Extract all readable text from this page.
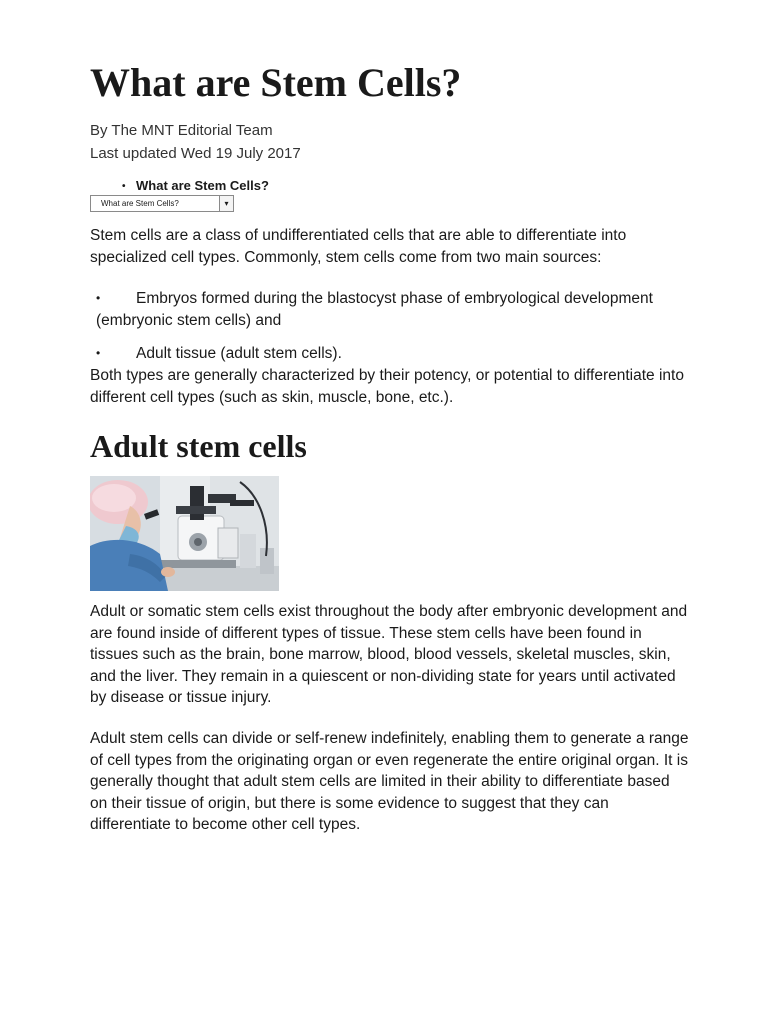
What are Stem Cells?
By The MNT Editorial Team
Last updated Wed 19 July 2017
• What are Stem Cells?
What are Stem Cells?	▾

Stem cells are a class of undifferentiated cells that are able to differentiate into specialized cell types. Commonly, stem cells come from two main sources:

•	Embryos formed during the blastocyst phase of embryological development (embryonic stem cells) and
•	Adult tissue (adult stem cells).

Both types are generally characterized by their potency, or potential to differentiate into different cell types (such as skin, muscle, bone, etc.).

Adult stem cells

Adult or somatic stem cells exist throughout the body after embryonic development and are found inside of different types of tissue. These stem cells have been found in tissues such as the brain, bone marrow, blood, blood vessels, skeletal muscles, skin, and the liver. They remain in a quiescent or non-dividing state for years until activated by disease or tissue injury.

Adult stem cells can divide or self-renew indefinitely, enabling them to generate a range of cell types from the originating organ or even regenerate the entire original organ. It is generally thought that adult stem cells are limited in their ability to differentiate based on their tissue of origin, but there is some evidence to suggest that they can differentiate to become other cell types.
